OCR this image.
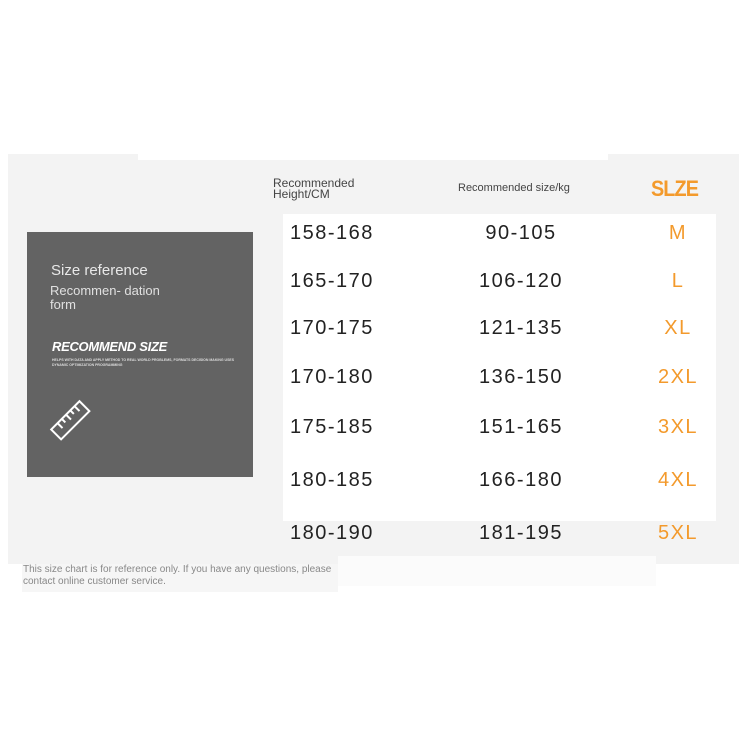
Recommended Height/CM	Recommended size/kg	SLZE
Size reference
Recommen- dation form
RECOMMEND SIZE
HELPS WITH DATA AND APPLY METHOD TO REAL WORLD PROBLEMS, FORMATS DECISION MAKING USES DYNAMIC OPTIMIZATION PROGRAMMING
158-168	90-105	M
165-170	106-120	L
170-175	121-135	XL
170-180	136-150	2XL
175-185	151-165	3XL
180-185	166-180	4XL
180-190	181-195	5XL
This size chart is for reference only. If you have any questions, please contact online customer service.
